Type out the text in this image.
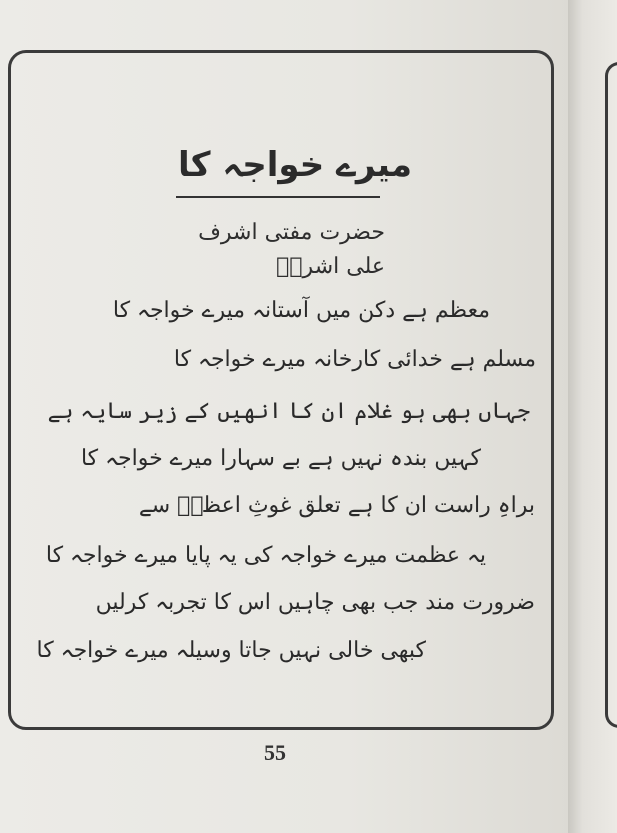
میرے خواجہ کا
حضرت مفتی اشرف علی اشرفؒ
معظم ہے دکن میں آستانہ میرے خواجہ کا
مسلم ہے خدائی کارخانہ میرے خواجہ کا
جہاں بھی ہو غلام ان کا انھیں کے زیر سایہ ہے
کہیں بندہ نہیں ہے بے سہارا میرے خواجہ کا
براہِ راست ان کا ہے تعلق غوثِ اعظمؓ سے
یہ عظمت میرے خواجہ کی یہ پایا میرے خواجہ کا
ضرورت مند جب بھی چاہیں اس کا تجربہ کرلیں
کبھی خالی نہیں جاتا وسیلہ میرے خواجہ کا
55
